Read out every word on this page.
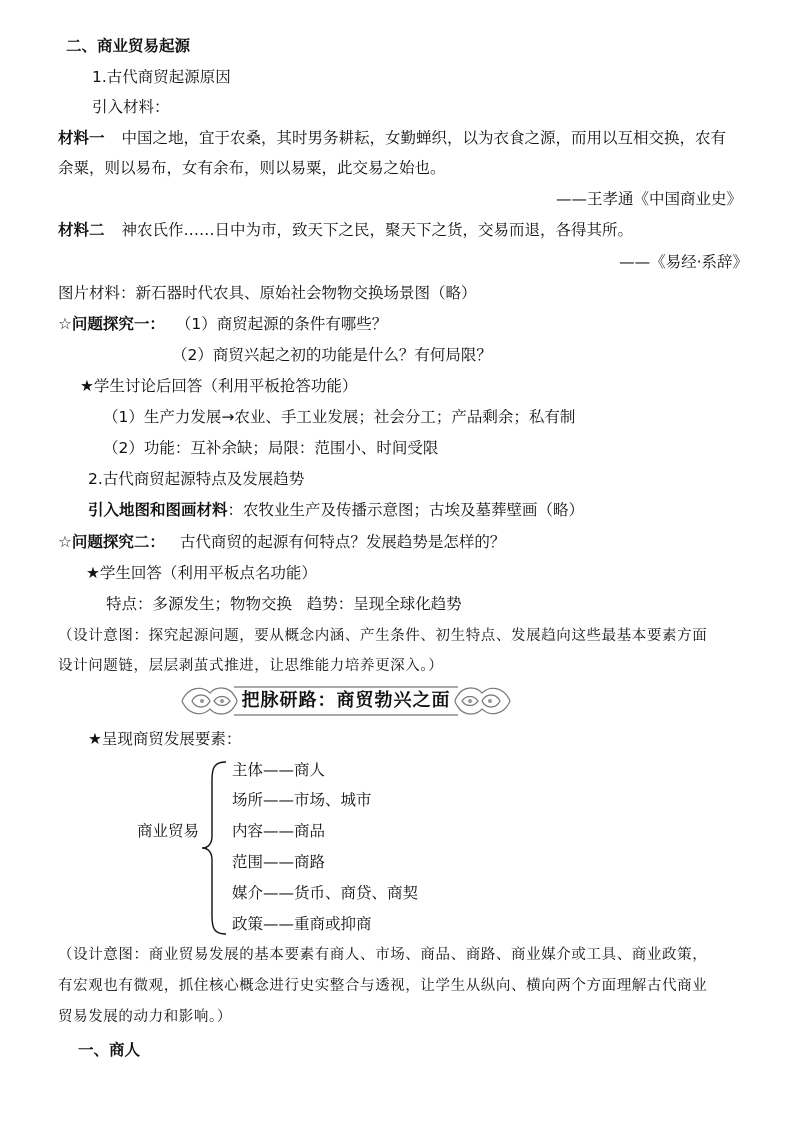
二、商业贸易起源
1.古代商贸起源原因
引入材料：
材料一 中国之地，宜于农桑，其时男务耕耘，女勤蝉织，以为衣食之源，而用以互相交换，农有
余粟，则以易布，女有余布，则以易粟，此交易之始也。
——王孝通《中国商业史》
材料二 神农氏作……日中为市，致天下之民，聚天下之货，交易而退，各得其所。
——《易经·系辞》
图片材料：新石器时代农具、原始社会物物交换场景图（略）
☆问题探究一： （1）商贸起源的条件有哪些？
（2）商贸兴起之初的功能是什么？有何局限？
★学生讨论后回答（利用平板抢答功能）
（1）生产力发展→农业、手工业发展；社会分工；产品剩余；私有制
（2）功能：互补余缺；局限：范围小、时间受限
2.古代商贸起源特点及发展趋势
引入地图和图画材料：农牧业生产及传播示意图；古埃及墓葬壁画（略）
☆问题探究二： 古代商贸的起源有何特点？发展趋势是怎样的？
★学生回答（利用平板点名功能）
特点：多源发生；物物交换   趋势：呈现全球化趋势
（设计意图：探究起源问题，要从概念内涵、产生条件、初生特点、发展趋向这些最基本要素方面
设计问题链，层层剥茧式推进，让思维能力培养更深入。）
把脉研路：商贸勃兴之面
★呈现商贸发展要素：
商业贸易
主体——商人
场所——市场、城市
内容——商品
范围——商路
媒介——货币、商贷、商契
政策——重商或抑商
（设计意图：商业贸易发展的基本要素有商人、市场、商品、商路、商业媒介或工具、商业政策，
有宏观也有微观，抓住核心概念进行史实整合与透视，让学生从纵向、横向两个方面理解古代商业
贸易发展的动力和影响。）
一、商人
